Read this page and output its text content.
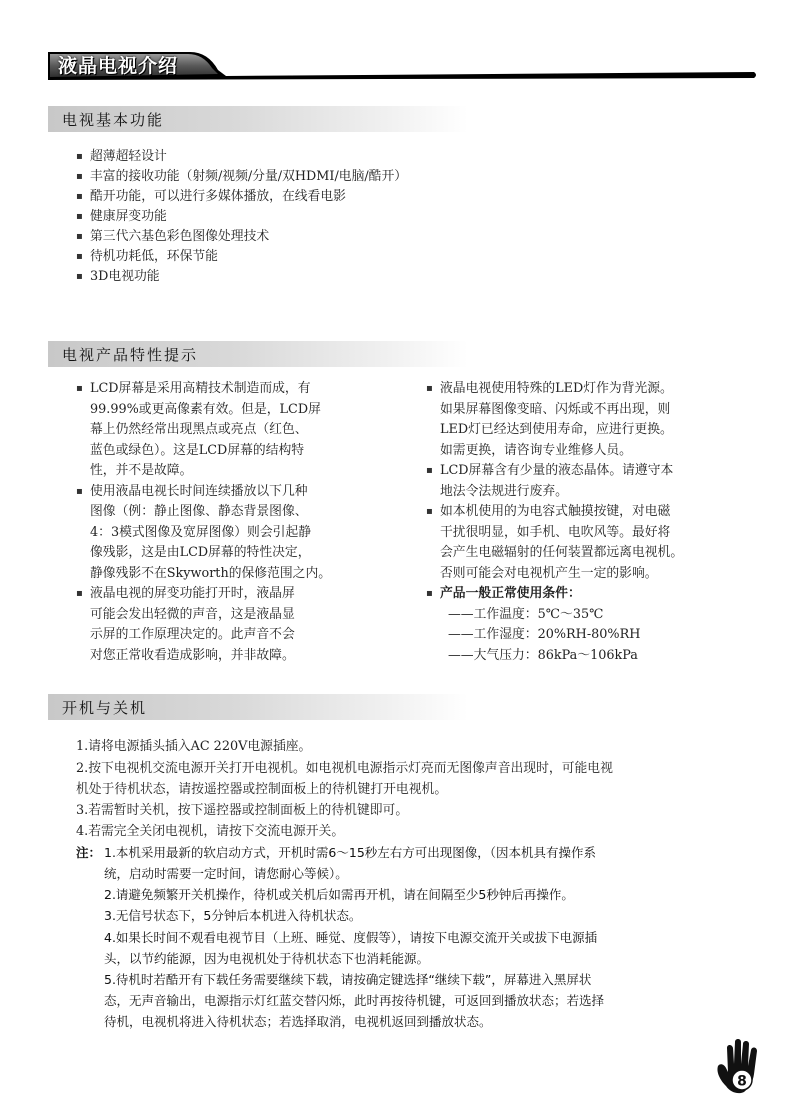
液晶电视介绍
电视基本功能
▪ 超薄超轻设计
▪ 丰富的接收功能（射频/视频/分量/双HDMI/电脑/酷开）
▪ 酷开功能，可以进行多媒体播放，在线看电影
▪ 健康屏变功能
▪ 第三代六基色彩色图像处理技术
▪ 待机功耗低，环保节能
▪ 3D电视功能
电视产品特性提示
▪ LCD屏幕是采用高精技术制造而成，有
99.99%或更高像素有效。但是，LCD屏
幕上仍然经常出现黑点或亮点（红色、
蓝色或绿色）。这是LCD屏幕的结构特
性，并不是故障。
▪ 使用液晶电视长时间连续播放以下几种
图像（例：静止图像、静态背景图像、
4：3模式图像及宽屏图像）则会引起静
像残影，这是由LCD屏幕的特性决定，
静像残影不在Skyworth的保修范围之内。
▪ 液晶电视的屏变功能打开时，液晶屏
可能会发出轻微的声音，这是液晶显
示屏的工作原理决定的。此声音不会
对您正常收看造成影响，并非故障。
▪ 液晶电视使用特殊的LED灯作为背光源。
如果屏幕图像变暗、闪烁或不再出现，则
LED灯已经达到使用寿命，应进行更换。
如需更换，请咨询专业维修人员。
▪ LCD屏幕含有少量的液态晶体。请遵守本
地法令法规进行废弃。
▪ 如本机使用的为电容式触摸按键，对电磁
干扰很明显，如手机、电吹风等。最好将
会产生电磁辐射的任何装置都远离电视机。
否则可能会对电视机产生一定的影响。
▪ 产品一般正常使用条件：
——工作温度：5℃～35℃
——工作湿度：20%RH-80%RH
——大气压力：86kPa～106kPa
开机与关机
1.请将电源插头插入AC 220V电源插座。
2.按下电视机交流电源开关打开电视机。如电视机电源指示灯亮而无图像声音出现时，可能电视
机处于待机状态，请按遥控器或控制面板上的待机键打开电视机。
3.若需暂时关机，按下遥控器或控制面板上的待机键即可。
4.若需完全关闭电视机，请按下交流电源开关。
注： 1.本机采用最新的软启动方式，开机时需6～15秒左右方可出现图像，（因本机具有操作系
统，启动时需要一定时间，请您耐心等候）。
2.请避免频繁开关机操作，待机或关机后如需再开机，请在间隔至少5秒钟后再操作。
3.无信号状态下，5分钟后本机进入待机状态。
4.如果长时间不观看电视节目（上班、睡觉、度假等），请按下电源交流开关或拔下电源插
头，以节约能源，因为电视机处于待机状态下也消耗能源。
5.待机时若酷开有下载任务需要继续下载，请按确定键选择“继续下载”，屏幕进入黑屏状
态，无声音输出，电源指示灯红蓝交替闪烁，此时再按待机键，可返回到播放状态；若选择
待机，电视机将进入待机状态；若选择取消，电视机返回到播放状态。
8
